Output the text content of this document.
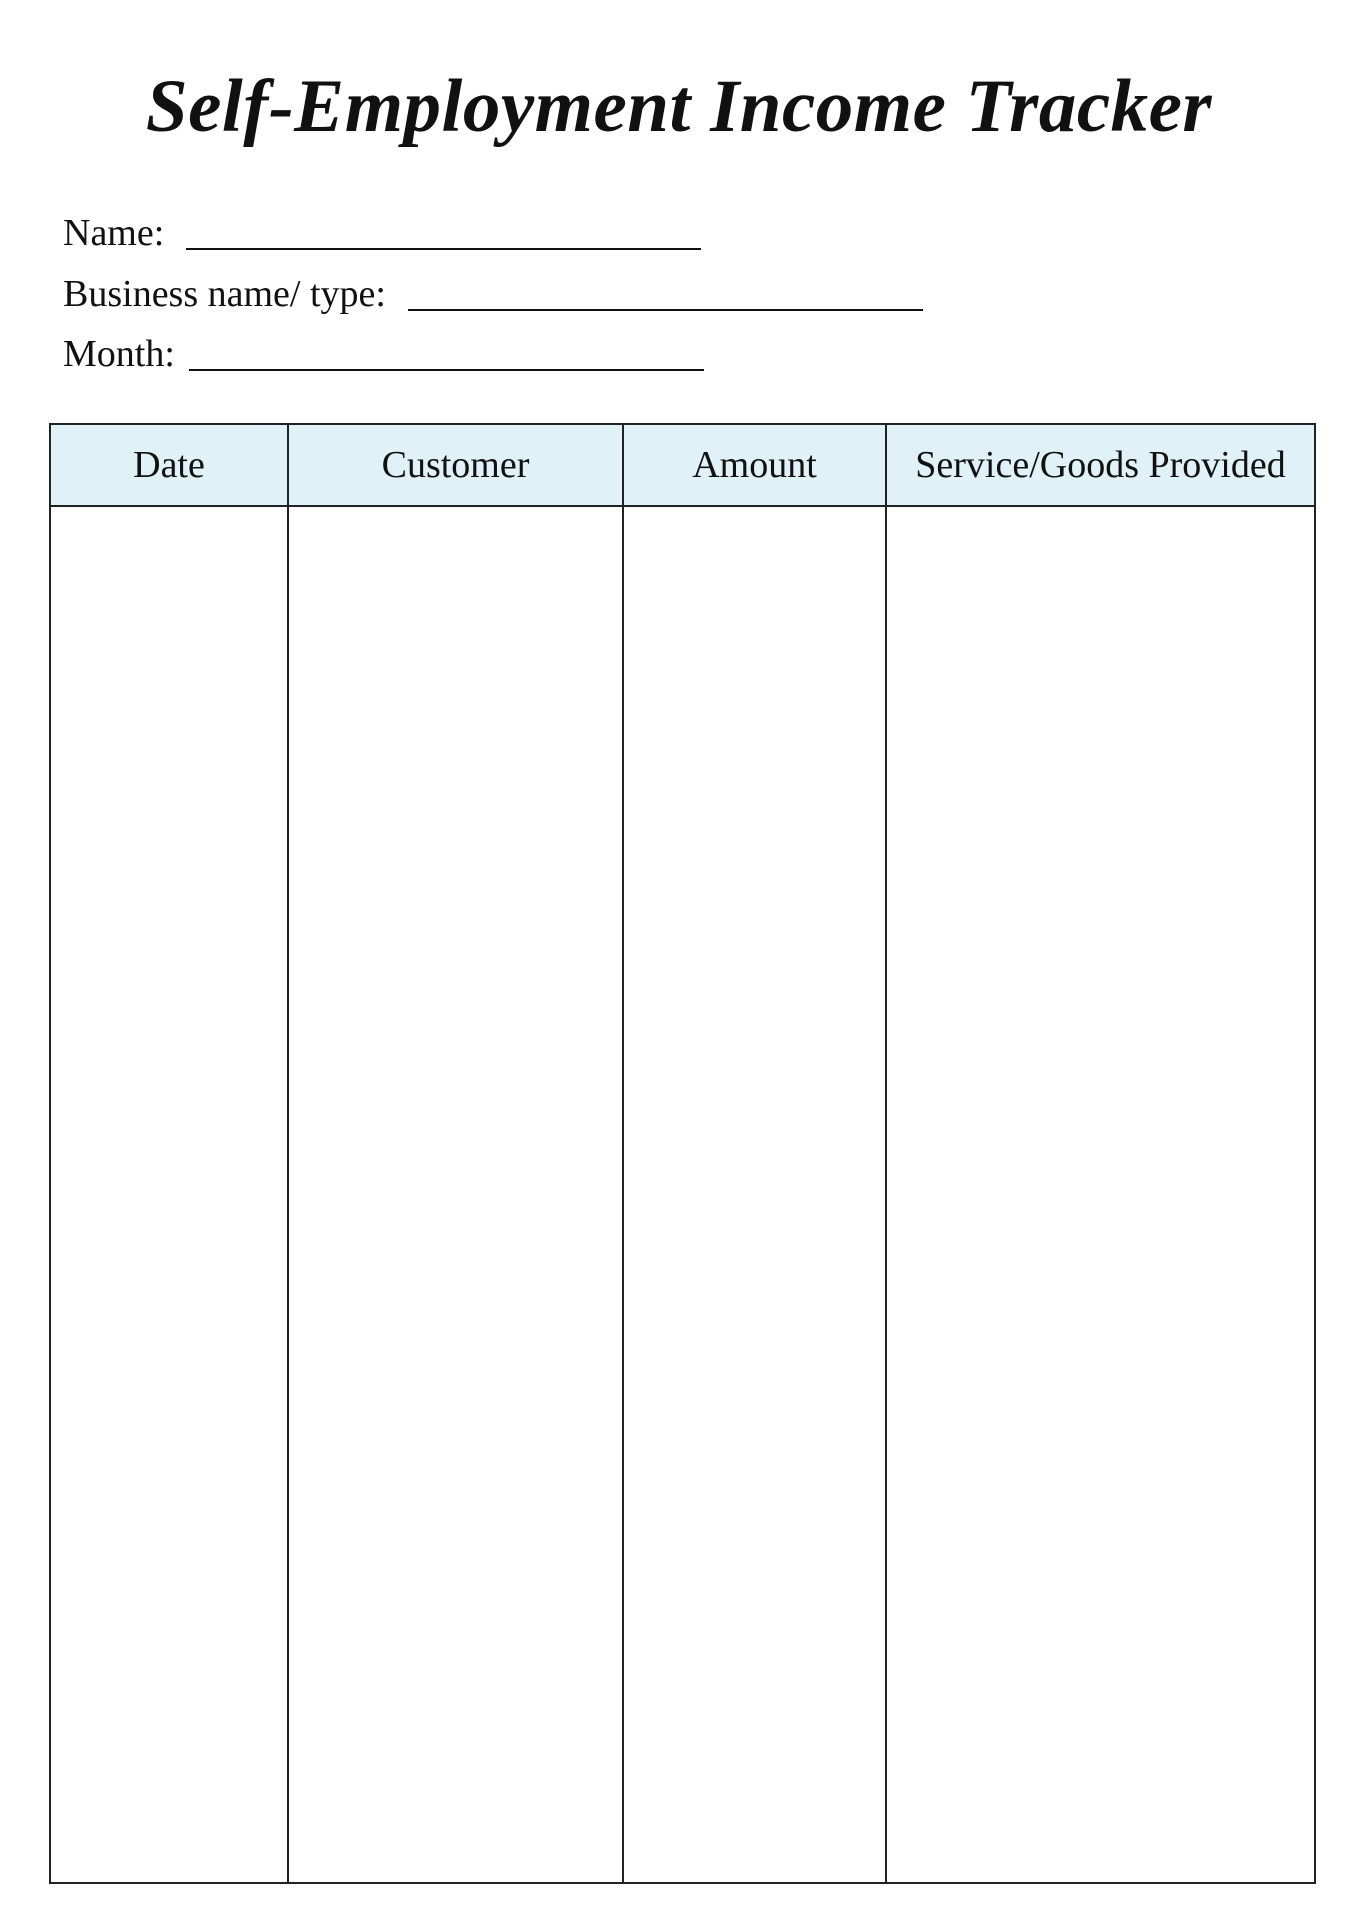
Self-Employment Income Tracker
Name:
Business name/ type:
Month:
Date	Customer	Amount	Service/Goods Provided
